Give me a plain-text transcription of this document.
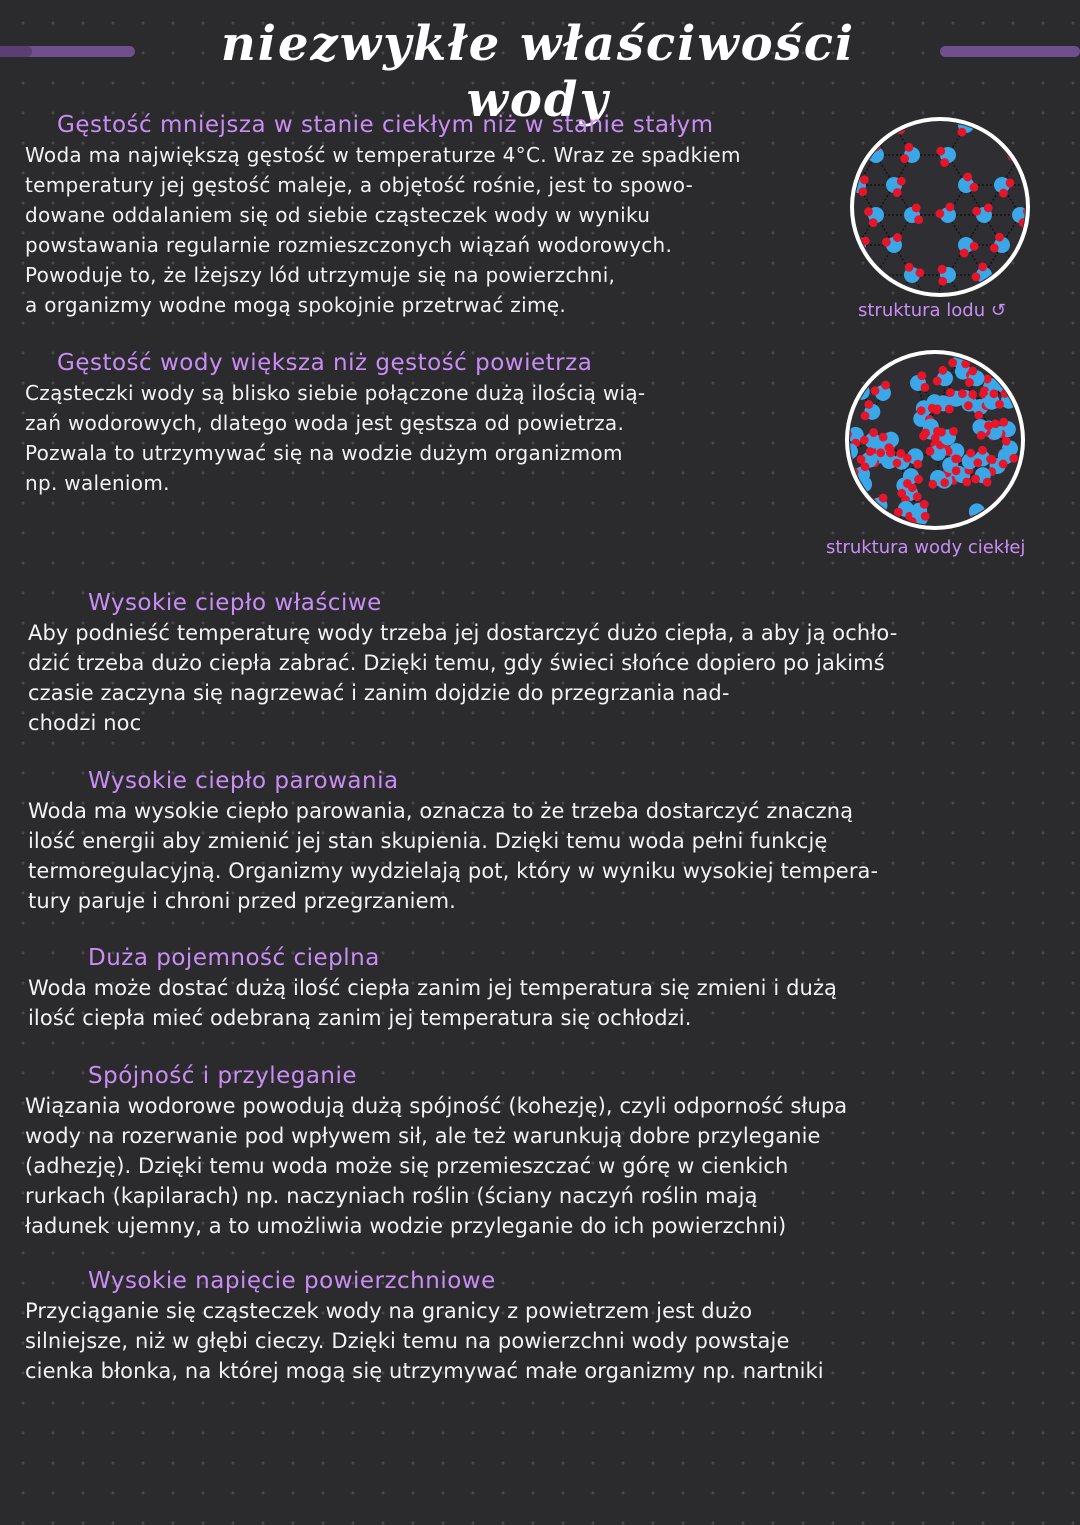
niezwykłe właściwości wody

Gęstość mniejsza w stanie ciekłym niż w stanie stałym

Woda ma największą gęstość w temperaturze 4°C. Wraz ze spadkiem

temperatury jej gęstość maleje, a objętość rośnie, jest to spowo-

dowane oddalaniem się od siebie cząsteczek wody w wyniku

powstawania regularnie rozmieszczonych wiązań wodorowych.

Powoduje to, że lżejszy lód utrzymuje się na powierzchni,

a organizmy wodne mogą spokojnie przetrwać zimę.

Gęstość wody większa niż gęstość powietrza

Cząsteczki wody są blisko siebie połączone dużą ilością wią-

zań wodorowych, dlatego woda jest gęstsza od powietrza.

Pozwala to utrzymywać się na wodzie dużym organizmom

np. waleniom.

struktura lodu ↺
struktura wody ciekłej

Wysokie ciepło właściwe

Aby podnieść temperaturę wody trzeba jej dostarczyć dużo ciepła, a aby ją ochło-

dzić trzeba dużo ciepła zabrać. Dzięki temu, gdy świeci słońce dopiero po jakimś

czasie zaczyna się nagrzewać i zanim dojdzie do przegrzania nad-

chodzi noc

Wysokie ciepło parowania

Woda ma wysokie ciepło parowania, oznacza to że trzeba dostarczyć znaczną

ilość energii aby zmienić jej stan skupienia. Dzięki temu woda pełni funkcję

termoregulacyjną. Organizmy wydzielają pot, który w wyniku wysokiej tempera-

tury paruje i chroni przed przegrzaniem.

Duża pojemność cieplna

Woda może dostać dużą ilość ciepła zanim jej temperatura się zmieni i dużą

ilość ciepła mieć odebraną zanim jej temperatura się ochłodzi.

Spójność i przyleganie

Wiązania wodorowe powodują dużą spójność (kohezję), czyli odporność słupa

wody na rozerwanie pod wpływem sił, ale też warunkują dobre przyleganie

(adhezję). Dzięki temu woda może się przemieszczać w górę w cienkich

rurkach (kapilarach) np. naczyniach roślin (ściany naczyń roślin mają

ładunek ujemny, a to umożliwia wodzie przyleganie do ich powierzchni)

Wysokie napięcie powierzchniowe

Przyciąganie się cząsteczek wody na granicy z powietrzem jest dużo

silniejsze, niż w głębi cieczy. Dzięki temu na powierzchni wody powstaje

cienka błonka, na której mogą się utrzymywać małe organizmy np. nartniki
